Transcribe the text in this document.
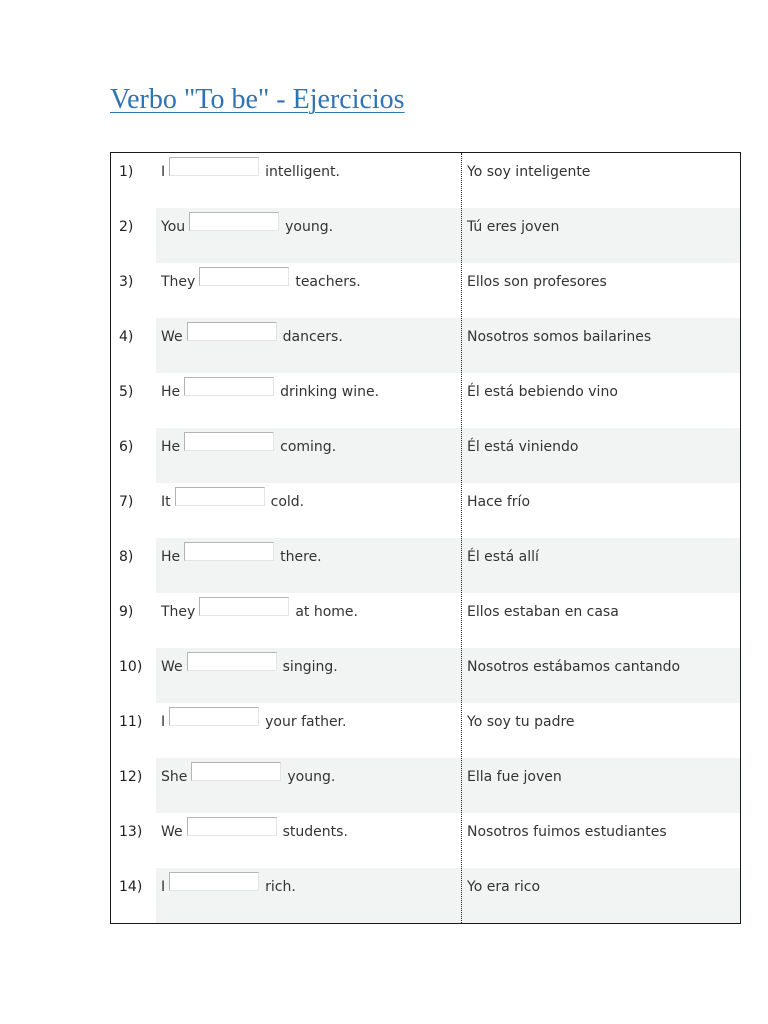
Verbo "To be" - Ejercicios
1) I	intelligent.	Yo soy inteligente
2) You	young.	Tú eres joven
3) They	teachers.	Ellos son profesores
4) We	dancers.	Nosotros somos bailarines
5) He	drinking wine.	Él está bebiendo vino
6) He	coming.	Él está viniendo
7) It	cold.	Hace frío
8) He	there.	Él está allí
9) They	at home.	Ellos estaban en casa
10) We	singing.	Nosotros estábamos cantando
11) I	your father.	Yo soy tu padre
12) She	young.	Ella fue joven
13) We	students.	Nosotros fuimos estudiantes
14) I	rich.	Yo era rico
